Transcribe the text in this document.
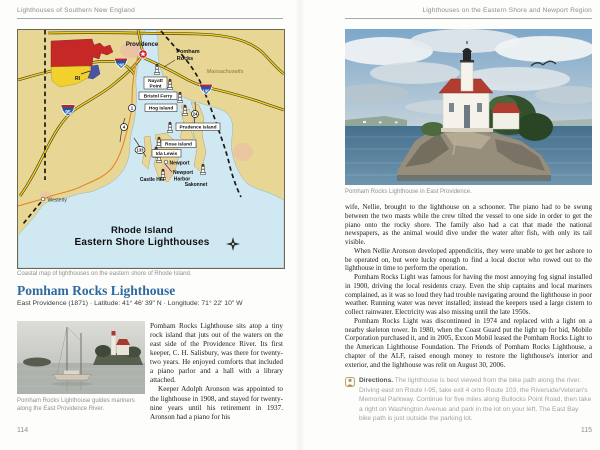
Lighthouses of Southern New England
RI
Providence
295
95
195
1
4
24
133
Nayatt
Point
Bristol Ferry
Hog Island
Prudence Island
Rose Island
Ida Lewis
Pomham
Rocks
Massachusetts
Castle Hill
Newport
Harbor
Sakonnet
Newport
Westerly
Rhode Island
Eastern Shore Lighthouses
Coastal map of lighthouses on the eastern shore of Rhode Island.
Pomham Rocks Lighthouse
East Providence (1871) · Latitude: 41° 46' 39" N · Longitude: 71° 22' 10" W
Pomham Rocks Lighthouse guides mariners along the East Providence River.

Pomham Rocks Lighthouse sits atop a tiny rock island that juts out of the waters on the east side of the Providence River. Its first keeper, C. H. Salisbury, was there for twenty-two years. He enjoyed comforts that included a piano parlor and a hall with a library attached.

Keeper Adolph Aronson was appointed to the lighthouse in 1908, and stayed for twenty-nine years until his retirement in 1937. Aronson had a piano for his

114
Lighthouses on the Eastern Shore and Newport Region
Pomham Rocks Lighthouse in East Providence.

wife, Nellie, brought to the lighthouse on a schooner. The piano had to be swung between the two masts while the crew tilted the vessel to one side in order to get the piano onto the rocky shore. The family also had a cat that made the national newspapers, as the animal would dive under the water after fish, with only its tail visible.

When Nellie Aronson developed appendicitis, they were unable to get her ashore to be operated on, but were lucky enough to find a local doctor who rowed out to the lighthouse in time to perform the operation.

Pomham Rocks Light was famous for having the most annoying fog signal installed in 1900, driving the local residents crazy. Even the ship captains and local mariners complained, as it was so loud they had trouble navigating around the lighthouse in poor weather. Running water was never installed; instead the keepers used a large cistern to collect rainwater. Electricity was also missing until the late 1950s.

Pomham Rocks Light was discontinued in 1974 and replaced with a light on a nearby skeleton tower. In 1980, when the Coast Guard put the light up for bid, Mobile Corporation purchased it, and in 2005, Exxon Mobil leased the Pomham Rocks Light to the American Lighthouse Foundation. The Friends of Pomham Rocks Lighthouse, a chapter of the ALF, raised enough money to restore the lighthouse's interior and exterior, and the lighthouse was relit on August 30, 2006.

Directions. The lighthouse is best viewed from the bike path along the river. Driving east on Route I-95, take exit 4 onto Route 103, the Riverside/Veteran's Memorial Parkway. Continue for five miles along Bullocks Point Road, then take a right on Washington Avenue and park in the lot on your left. The East Bay bike path is just outside the parking lot.
115
